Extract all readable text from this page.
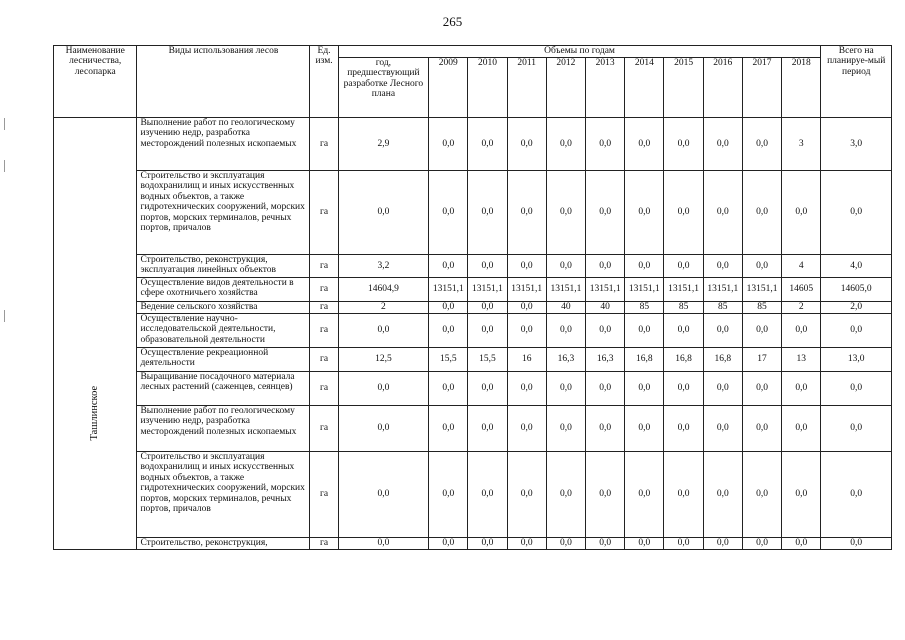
265
Наименование лесничества, лесопарка	Виды использования лесов	Ед. изм.	Объемы по годам											Всего на планируе-мый период
			год, предшествующий разработке Лесного плана	2009	2010	2011	2012	2013	2014	2015	2016	2017	2018	
	Выполнение работ по геологическому изучению недр, разработка месторождений полезных ископаемых	га	2,9	0,0	0,0	0,0	0,0	0,0	0,0	0,0	0,0	0,0	3	3,0
	Строительство и эксплуатация водохранилищ и иных искусственных водных объектов, а также гидротехнических сооружений, морских портов, морских терминалов, речных портов, причалов	га	0,0	0,0	0,0	0,0	0,0	0,0	0,0	0,0	0,0	0,0	0,0	0,0
	Строительство, реконструкция, эксплуатация линейных объектов	га	3,2	0,0	0,0	0,0	0,0	0,0	0,0	0,0	0,0	0,0	4	4,0
Ташлинское	Осуществление видов деятельности в сфере охотничьего хозяйства	га	14604,9	13151,1	13151,1	13151,1	13151,1	13151,1	13151,1	13151,1	13151,1	13151,1	14605	14605,0
	Ведение сельского хозяйства	га	2	0,0	0,0	0,0	40	40	85	85	85	85	2	2,0
	Осуществление научно-исследовательской деятельности, образовательной деятельности	га	0,0	0,0	0,0	0,0	0,0	0,0	0,0	0,0	0,0	0,0	0,0	0,0
	Осуществление рекреационной деятельности	га	12,5	15,5	15,5	16	16,3	16,3	16,8	16,8	16,8	17	13	13,0
	Выращивание посадочного материала лесных растений (саженцев, сеянцев)	га	0,0	0,0	0,0	0,0	0,0	0,0	0,0	0,0	0,0	0,0	0,0	0,0
	Выполнение работ по геологическому изучению недр, разработка месторождений полезных ископаемых	га	0,0	0,0	0,0	0,0	0,0	0,0	0,0	0,0	0,0	0,0	0,0	0,0
	Строительство и эксплуатация водохранилищ и иных искусственных водных объектов, а также гидротехнических сооружений, морских портов, морских терминалов, речных портов, причалов	га	0,0	0,0	0,0	0,0	0,0	0,0	0,0	0,0	0,0	0,0	0,0	0,0
	Строительство, реконструкция,	га	0,0	0,0	0,0	0,0	0,0	0,0	0,0	0,0	0,0	0,0	0,0	0,0
